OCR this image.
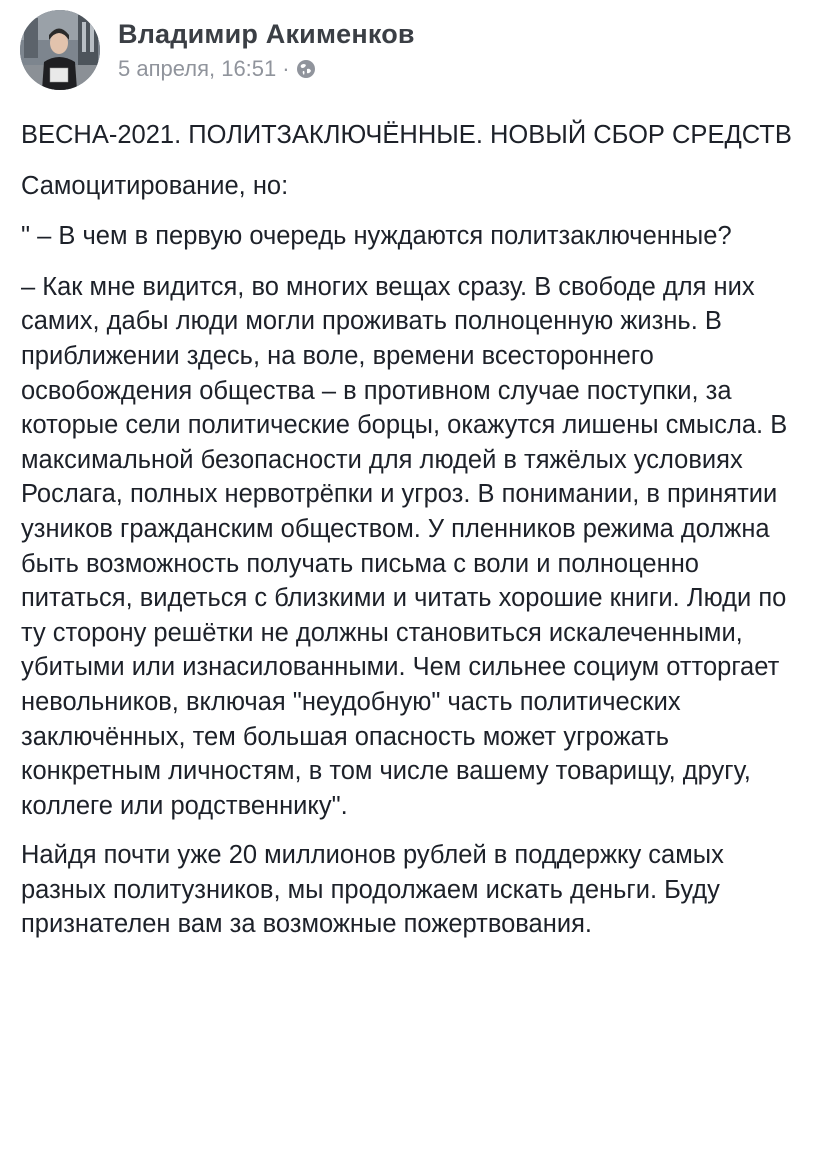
Владимир Акименков
5 апреля, 16:51 ·

ВЕСНА-2021. ПОЛИТЗАКЛЮЧЁННЫЕ. НОВЫЙ СБОР СРЕДСТВ

Самоцитирование, но:

" – В чем в первую очередь нуждаются политзаключенные?

– Как мне видится, во многих вещах сразу. В свободе для них самих, дабы люди могли проживать полноценную жизнь. В приближении здесь, на воле, времени всестороннего освобождения общества – в противном случае поступки, за которые сели политические борцы, окажутся лишены смысла. В максимальной безопасности для людей в тяжёлых условиях Рослага, полных нервотрёпки и угроз. В понимании, в принятии узников гражданским обществом. У пленников режима должна быть возможность получать письма с воли и полноценно питаться, видеться с близкими и читать хорошие книги. Люди по ту сторону решётки не должны становиться искалеченными, убитыми или изнасилованными. Чем сильнее социум отторгает невольников, включая "неудобную" часть политических заключённых, тем большая опасность может угрожать конкретным личностям, в том числе вашему товарищу, другу, коллеге или родственнику".

Найдя почти уже 20 миллионов рублей в поддержку самых разных политузников, мы продолжаем искать деньги. Буду признателен вам за возможные пожертвования.
